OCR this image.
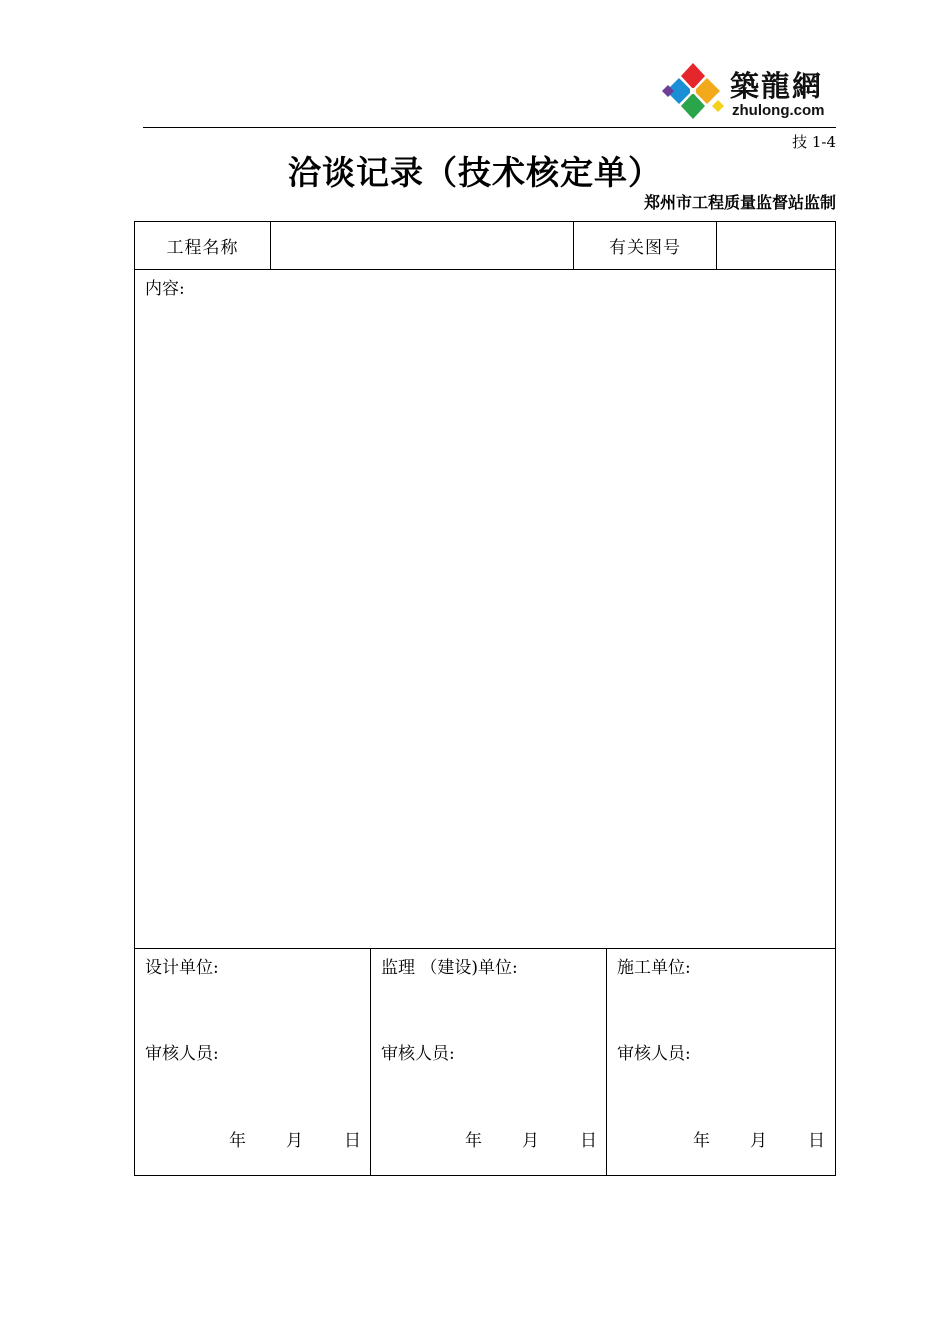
築龍網
zhulong.com
技 1-4
洽谈记录（技术核定单）
郑州市工程质量监督站监制
工程名称	有关图号
内容:
设计单位:
审核人员:
年 月 日
监理 （建设)单位:
审核人员:
年 月 日
施工单位:
审核人员:
年 月 日
